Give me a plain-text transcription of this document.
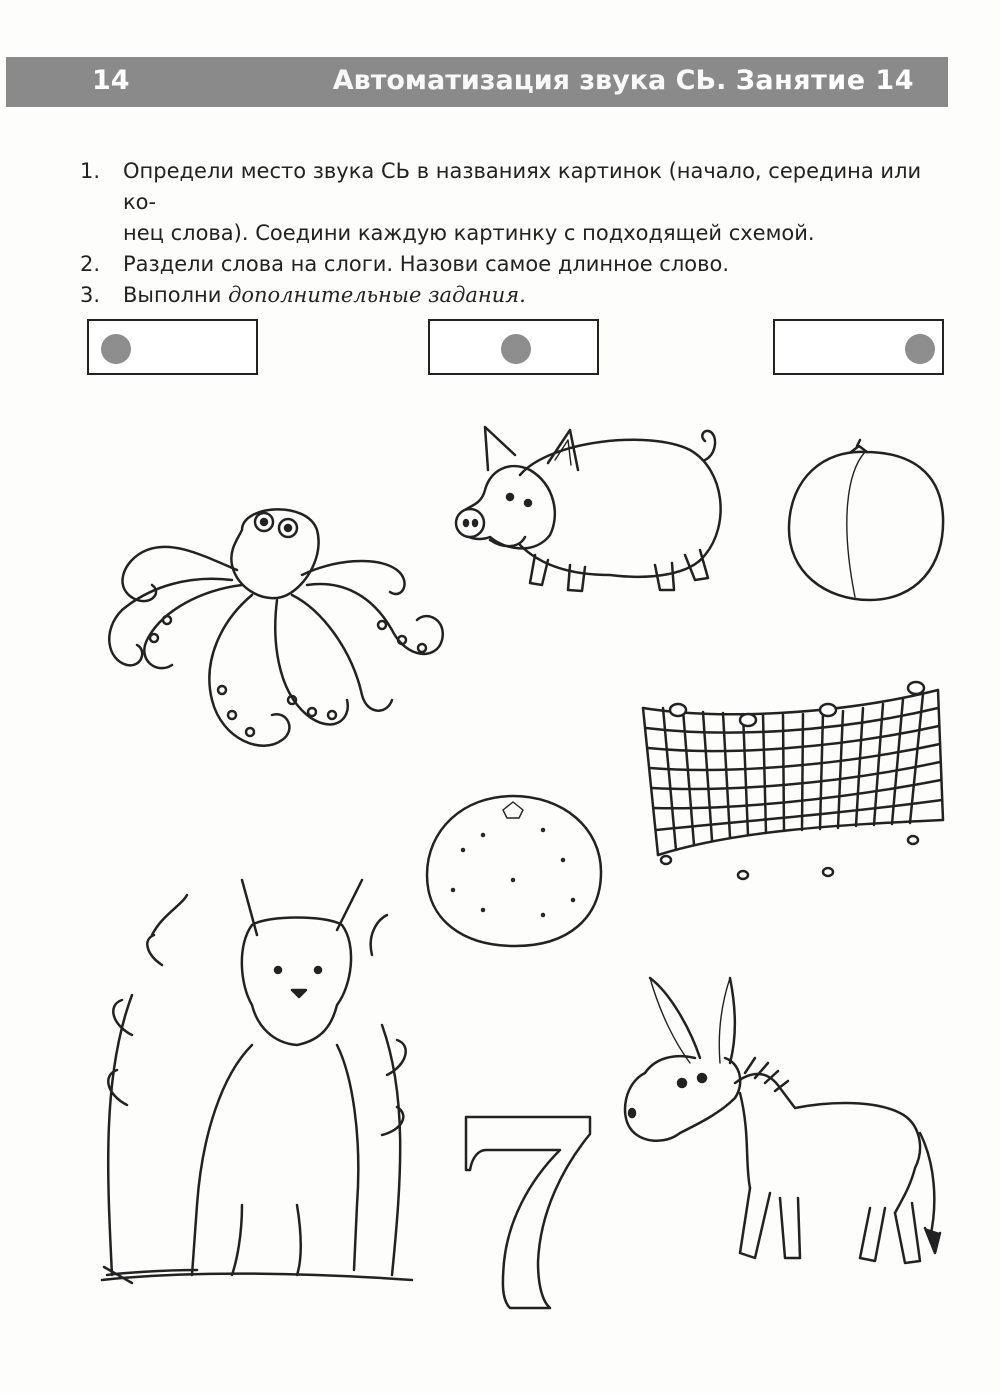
14	Автоматизация звука СЬ. Занятие 14
1. Определи место звука СЬ в названиях картинок (начало, середина или ко-
нец слова). Соедини каждую картинку с подходящей схемой.
2. Раздели слова на слоги. Назови самое длинное слово.
3. Выполни дополнительные задания.
